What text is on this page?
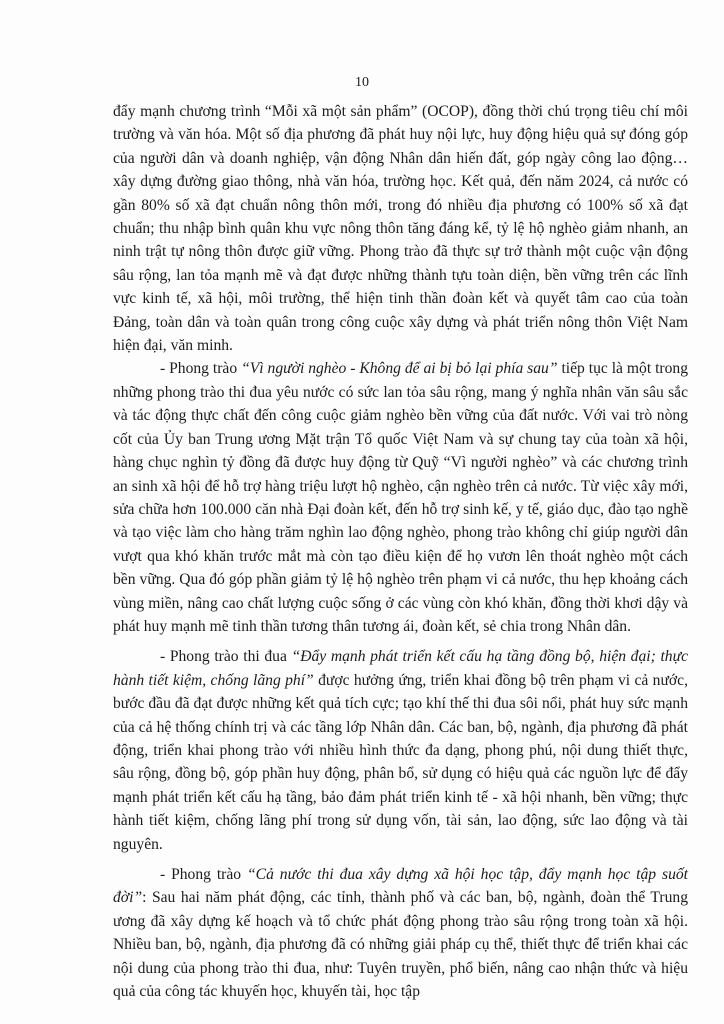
10

đẩy mạnh chương trình “Mỗi xã một sản phẩm” (OCOP), đồng thời chú trọng tiêu chí môi trường và văn hóa. Một số địa phương đã phát huy nội lực, huy động hiệu quả sự đóng góp của người dân và doanh nghiệp, vận động Nhân dân hiến đất, góp ngày công lao động… xây dựng đường giao thông, nhà văn hóa, trường học. Kết quả, đến năm 2024, cả nước có gần 80% số xã đạt chuẩn nông thôn mới, trong đó nhiều địa phương có 100% số xã đạt chuẩn; thu nhập bình quân khu vực nông thôn tăng đáng kể, tỷ lệ hộ nghèo giảm nhanh, an ninh trật tự nông thôn được giữ vững. Phong trào đã thực sự trở thành một cuộc vận động sâu rộng, lan tỏa mạnh mẽ và đạt được những thành tựu toàn diện, bền vững trên các lĩnh vực kinh tế, xã hội, môi trường, thể hiện tinh thần đoàn kết và quyết tâm cao của toàn Đảng, toàn dân và toàn quân trong công cuộc xây dựng và phát triển nông thôn Việt Nam hiện đại, văn minh.

- Phong trào “Vì người nghèo - Không để ai bị bỏ lại phía sau” tiếp tục là một trong những phong trào thi đua yêu nước có sức lan tỏa sâu rộng, mang ý nghĩa nhân văn sâu sắc và tác động thực chất đến công cuộc giảm nghèo bền vững của đất nước. Với vai trò nòng cốt của Ủy ban Trung ương Mặt trận Tổ quốc Việt Nam và sự chung tay của toàn xã hội, hàng chục nghìn tỷ đồng đã được huy động từ Quỹ “Vì người nghèo” và các chương trình an sinh xã hội để hỗ trợ hàng triệu lượt hộ nghèo, cận nghèo trên cả nước. Từ việc xây mới, sửa chữa hơn 100.000 căn nhà Đại đoàn kết, đến hỗ trợ sinh kế, y tế, giáo dục, đào tạo nghề và tạo việc làm cho hàng trăm nghìn lao động nghèo, phong trào không chỉ giúp người dân vượt qua khó khăn trước mắt mà còn tạo điều kiện để họ vươn lên thoát nghèo một cách bền vững. Qua đó góp phần giảm tỷ lệ hộ nghèo trên phạm vi cả nước, thu hẹp khoảng cách vùng miền, nâng cao chất lượng cuộc sống ở các vùng còn khó khăn, đồng thời khơi dậy và phát huy mạnh mẽ tinh thần tương thân tương ái, đoàn kết, sẻ chia trong Nhân dân.

- Phong trào thi đua “Đẩy mạnh phát triển kết cấu hạ tầng đồng bộ, hiện đại; thực hành tiết kiệm, chống lãng phí” được hưởng ứng, triển khai đồng bộ trên phạm vi cả nước, bước đầu đã đạt được những kết quả tích cực; tạo khí thế thi đua sôi nổi, phát huy sức mạnh của cả hệ thống chính trị và các tầng lớp Nhân dân. Các ban, bộ, ngành, địa phương đã phát động, triển khai phong trào với nhiều hình thức đa dạng, phong phú, nội dung thiết thực, sâu rộng, đồng bộ, góp phần huy động, phân bổ, sử dụng có hiệu quả các nguồn lực để đẩy mạnh phát triển kết cấu hạ tầng, bảo đảm phát triển kinh tế - xã hội nhanh, bền vững; thực hành tiết kiệm, chống lãng phí trong sử dụng vốn, tài sản, lao động, sức lao động và tài nguyên.

- Phong trào “Cả nước thi đua xây dựng xã hội học tập, đẩy mạnh học tập suốt đời”: Sau hai năm phát động, các tỉnh, thành phố và các ban, bộ, ngành, đoàn thể Trung ương đã xây dựng kế hoạch và tổ chức phát động phong trào sâu rộng trong toàn xã hội. Nhiều ban, bộ, ngành, địa phương đã có những giải pháp cụ thể, thiết thực để triển khai các nội dung của phong trào thi đua, như: Tuyên truyền, phổ biến, nâng cao nhận thức và hiệu quả của công tác khuyến học, khuyến tài, học tập
